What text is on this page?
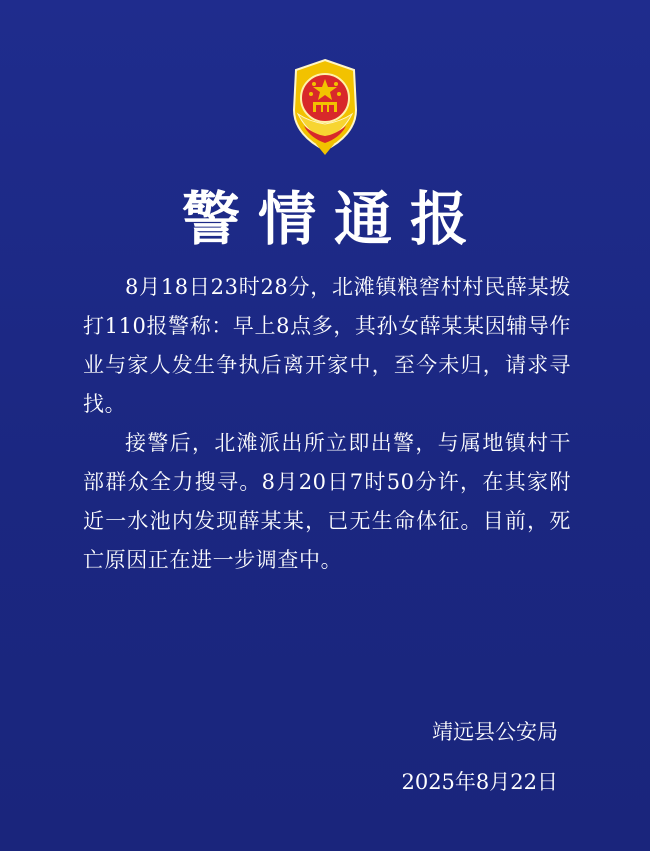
警情通报

8月18日23时28分，北滩镇粮窖村村民薛某拨打110报警称：早上8点多，其孙女薛某某因辅导作业与家人发生争执后离开家中，至今未归，请求寻找。

接警后，北滩派出所立即出警，与属地镇村干部群众全力搜寻。8月20日7时50分许，在其家附近一水池内发现薛某某，已无生命体征。目前，死亡原因正在进一步调查中。

靖远县公安局
2025年8月22日
